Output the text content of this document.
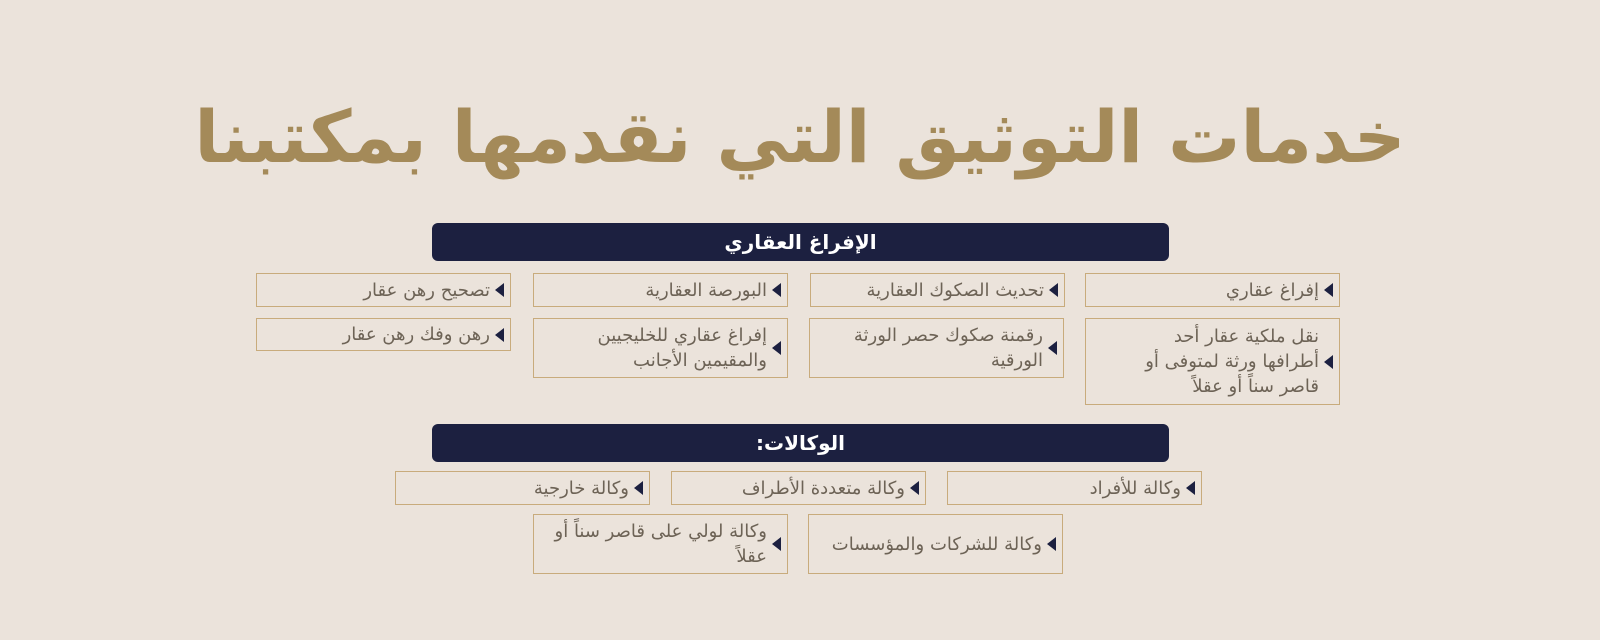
خدمات التوثيق التي نقدمها بمكتبنا
الإفراغ العقاري
إفراغ عقاري
تحديث الصكوك العقارية
البورصة العقارية
تصحيح رهن عقار
نقل ملكية عقار أحد
أطرافها ورثة لمتوفى أو
قاصر سناً أو عقلاً
رقمنة صكوك حصر الورثة
الورقية
إفراغ عقاري للخليجيين
والمقيمين الأجانب
رهن وفك رهن عقار
الوكالات:
وكالة للأفراد
وكالة متعددة الأطراف
وكالة خارجية
وكالة للشركات والمؤسسات
وكالة لولي على قاصر سناً أو
عقلاً
